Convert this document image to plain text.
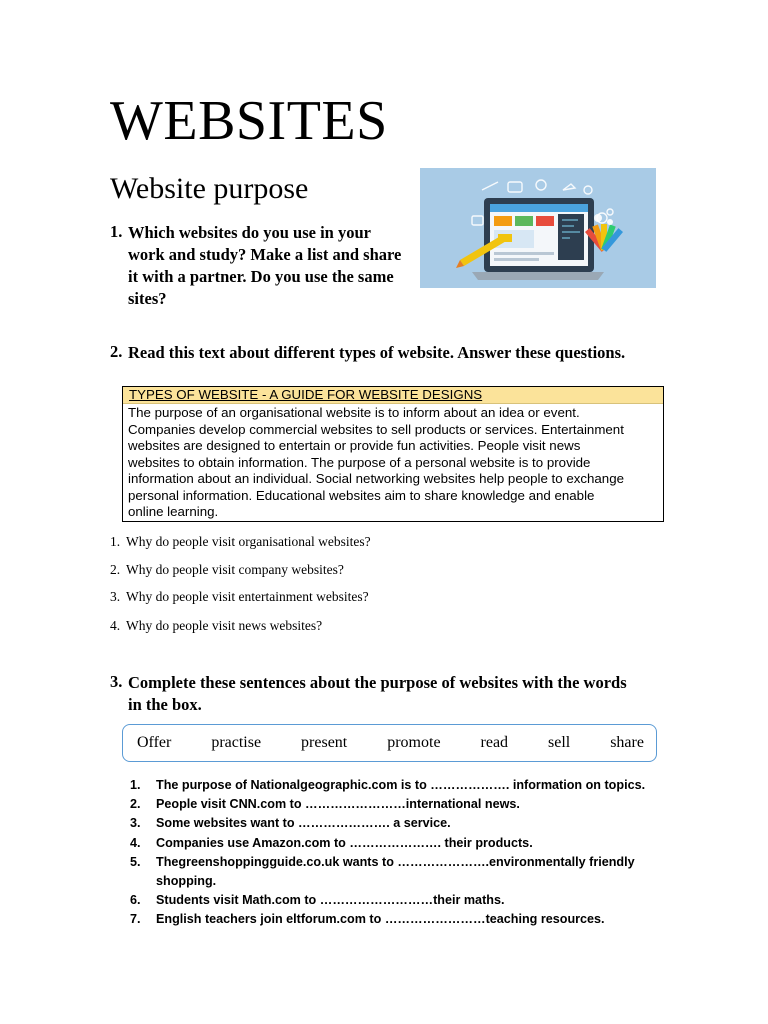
WEBSITES
Website purpose
1. Which websites do you use in your
work and study? Make a list and share
it with a partner. Do you use the same
sites?
2. Read this text about different types of website. Answer these questions.
TYPES OF WEBSITE - A GUIDE FOR WEBSITE DESIGNS
The purpose of an organisational website is to inform about an idea or event.
Companies develop commercial websites to sell products or services. Entertainment
websites are designed to entertain or provide fun activities. People visit news
websites to obtain information. The purpose of a personal website is to provide
information about an individual. Social networking websites help people to exchange
personal information. Educational websites aim to share knowledge and enable
online learning.
1. Why do people visit organisational websites?
2. Why do people visit company websites?
3. Why do people visit entertainment websites?
4. Why do people visit news websites?
3. Complete these sentences about the purpose of websites with the words
in the box.
Offer practise present promote read sell share
1. The purpose of Nationalgeographic.com is to ………………. information on topics.
2. People visit CNN.com to ……………………international news.
3. Some websites want to …………………. a service.
4. Companies use Amazon.com to …………………. their products.
5. Thegreenshoppingguide.co.uk wants to ………………….environmentally friendly shopping.
6. Students visit Math.com to ………………………their maths.
7. English teachers join eltforum.com to ……………………teaching resources.
